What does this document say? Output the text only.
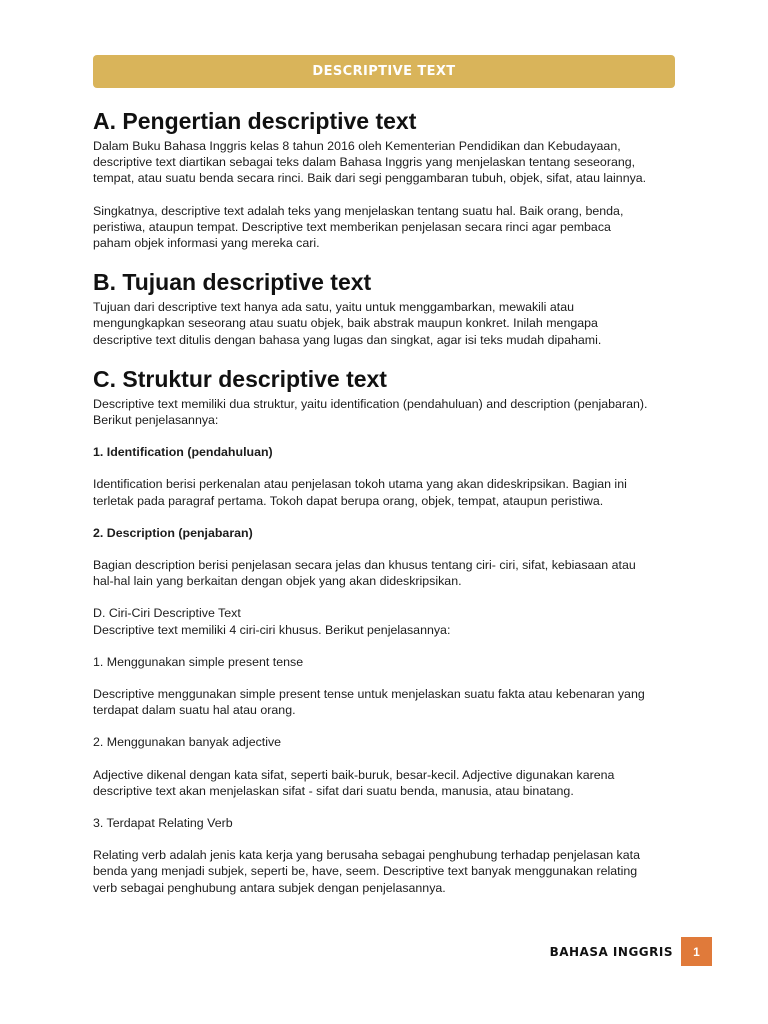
DESCRIPTIVE TEXT
A. Pengertian descriptive text

Dalam Buku Bahasa Inggris kelas 8 tahun 2016 oleh Kementerian Pendidikan dan Kebudayaan,
descriptive text diartikan sebagai teks dalam Bahasa Inggris yang menjelaskan tentang seseorang,
tempat, atau suatu benda secara rinci. Baik dari segi penggambaran tubuh, objek, sifat, atau lainnya.

Singkatnya, descriptive text adalah teks yang menjelaskan tentang suatu hal. Baik orang, benda,
peristiwa, ataupun tempat. Descriptive text memberikan penjelasan secara rinci agar pembaca
paham objek informasi yang mereka cari.

B. Tujuan descriptive text

Tujuan dari descriptive text hanya ada satu, yaitu untuk menggambarkan, mewakili atau
mengungkapkan seseorang atau suatu objek, baik abstrak maupun konkret. Inilah mengapa
descriptive text ditulis dengan bahasa yang lugas dan singkat, agar isi teks mudah dipahami.

C. Struktur descriptive text

Descriptive text memiliki dua struktur, yaitu identification (pendahuluan) and description (penjabaran).
Berikut penjelasannya:

1. Identification (pendahuluan)

Identification berisi perkenalan atau penjelasan tokoh utama yang akan dideskripsikan. Bagian ini
terletak pada paragraf pertama. Tokoh dapat berupa orang, objek, tempat, ataupun peristiwa.

2. Description (penjabaran)

Bagian description berisi penjelasan secara jelas dan khusus tentang ciri- ciri, sifat, kebiasaan atau
hal-hal lain yang berkaitan dengan objek yang akan dideskripsikan.

D. Ciri-Ciri Descriptive Text
Descriptive text memiliki 4 ciri-ciri khusus. Berikut penjelasannya:

1. Menggunakan simple present tense

Descriptive menggunakan simple present tense untuk menjelaskan suatu fakta atau kebenaran yang
terdapat dalam suatu hal atau orang.

2. Menggunakan banyak adjective

Adjective dikenal dengan kata sifat, seperti baik-buruk, besar-kecil. Adjective digunakan karena
descriptive text akan menjelaskan sifat - sifat dari suatu benda, manusia, atau binatang.

3. Terdapat Relating Verb

Relating verb adalah jenis kata kerja yang berusaha sebagai penghubung terhadap penjelasan kata
benda yang menjadi subjek, seperti be, have, seem. Descriptive text banyak menggunakan relating
verb sebagai penghubung antara subjek dengan penjelasannya.

BAHASA INGGRIS	1
